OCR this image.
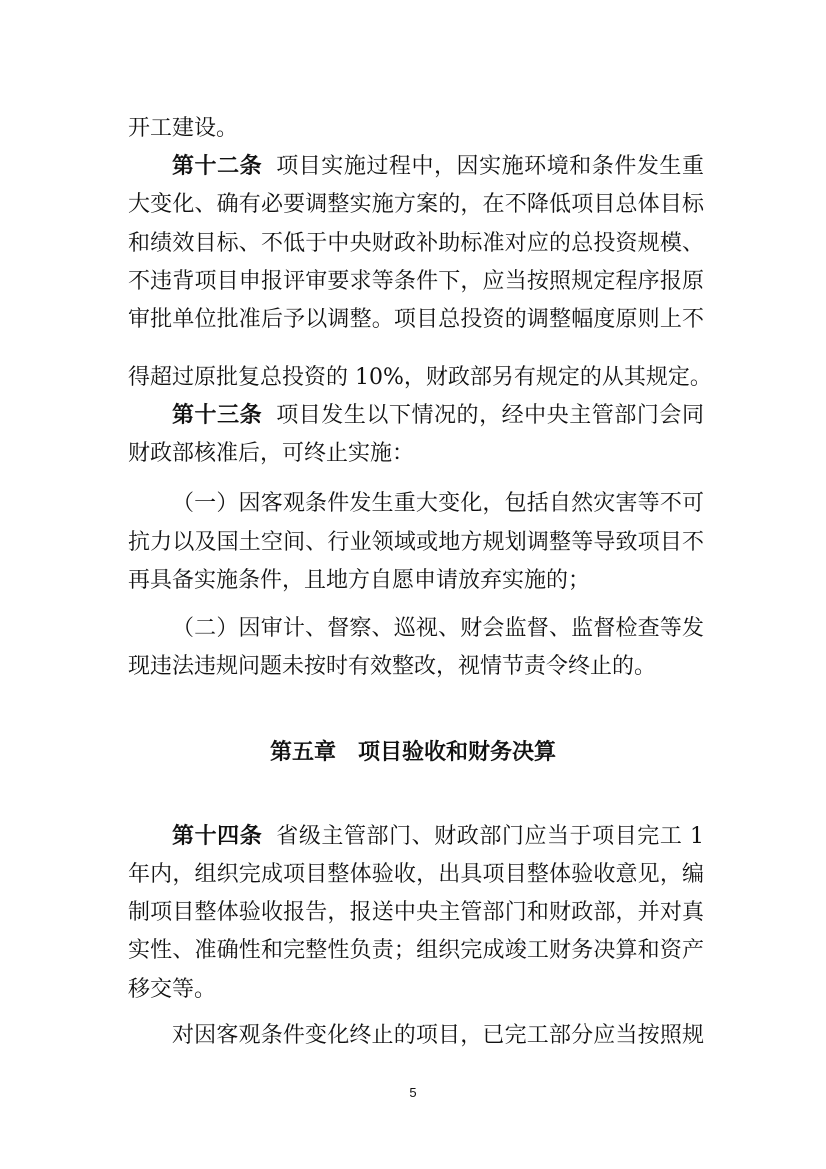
开工建设。
第十二条 项目实施过程中，因实施环境和条件发生重
大变化、确有必要调整实施方案的，在不降低项目总体目标
和绩效目标、不低于中央财政补助标准对应的总投资规模、
不违背项目申报评审要求等条件下，应当按照规定程序报原
审批单位批准后予以调整。项目总投资的调整幅度原则上不
得超过原批复总投资的 10%，财政部另有规定的从其规定。
第十三条 项目发生以下情况的，经中央主管部门会同
财政部核准后，可终止实施：
（一）因客观条件发生重大变化，包括自然灾害等不可
抗力以及国土空间、行业领域或地方规划调整等导致项目不
再具备实施条件，且地方自愿申请放弃实施的；
（二）因审计、督察、巡视、财会监督、监督检查等发
现违法违规问题未按时有效整改，视情节责令终止的。
第五章 项目验收和财务决算
第十四条 省级主管部门、财政部门应当于项目完工 1
年内，组织完成项目整体验收，出具项目整体验收意见，编
制项目整体验收报告，报送中央主管部门和财政部，并对真
实性、准确性和完整性负责；组织完成竣工财务决算和资产
移交等。
对因客观条件变化终止的项目，已完工部分应当按照规
5
